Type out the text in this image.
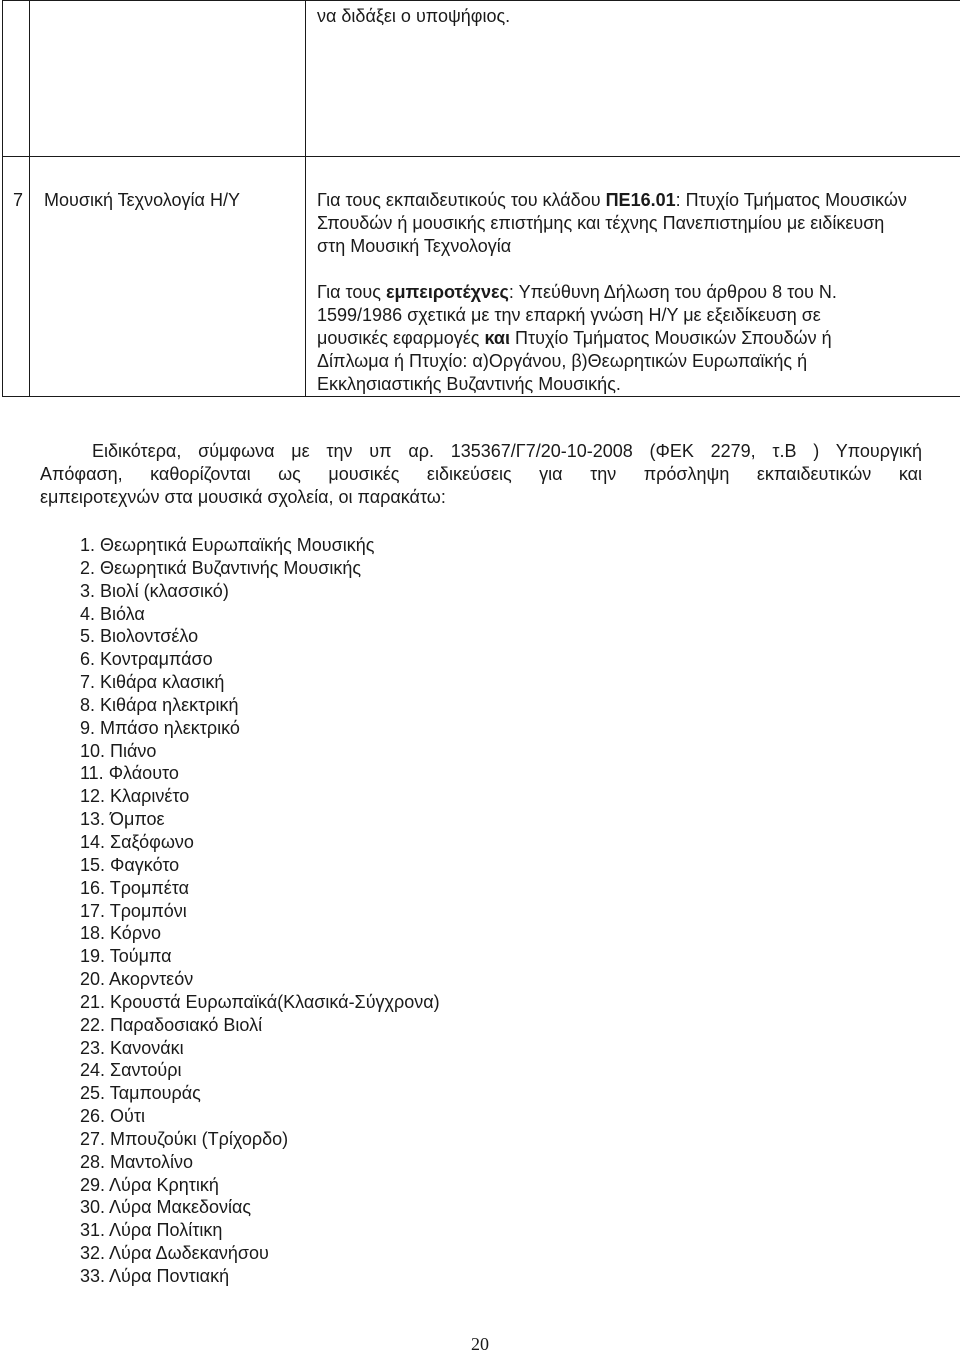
να διδάξει ο υποψήφιος.
7 Μουσική Τεχνολογία Η/Υ	Για τους εκπαιδευτικούς του κλάδου ΠΕ16.01: Πτυχίο Τμήματος Μουσικών
Σπουδών ή μουσικής επιστήμης και τέχνης Πανεπιστημίου με ειδίκευση
στη Μουσική Τεχνολογία
Για τους εμπειροτέχνες: Υπεύθυνη Δήλωση του άρθρου 8 του Ν.
1599/1986 σχετικά με την επαρκή γνώση Η/Υ με εξειδίκευση σε
μουσικές εφαρμογές και Πτυχίο Τμήματος Μουσικών Σπουδών ή
Δίπλωμα ή Πτυχίο: α)Οργάνου, β)Θεωρητικών Ευρωπαϊκής ή
Εκκλησιαστικής Βυζαντινής Μουσικής.
Ειδικότερα, σύμφωνα με την υπ αρ. 135367/Γ7/20-10-2008 (ΦΕΚ 2279, τ.Β ) Υπουργική
Απόφαση, καθορίζονται ως μουσικές ειδικεύσεις για την πρόσληψη εκπαιδευτικών και
εμπειροτεχνών στα μουσικά σχολεία, οι παρακάτω:
1. Θεωρητικά Ευρωπαϊκής Μουσικής
2. Θεωρητικά Βυζαντινής Μουσικής
3. Βιολί (κλασσικό)
4. Βιόλα
5. Βιολοντσέλο
6. Κοντραμπάσο
7. Κιθάρα κλασική
8. Κιθάρα ηλεκτρική
9. Μπάσο ηλεκτρικό
10. Πιάνο
11. Φλάουτο
12. Κλαρινέτο
13. Όμποε
14. Σαξόφωνο
15. Φαγκότο
16. Τρομπέτα
17. Τρομπόνι
18. Κόρνο
19. Τούμπα
20. Ακορντεόν
21. Κρουστά Ευρωπαϊκά(Κλασικά-Σύγχρονα)
22. Παραδοσιακό Βιολί
23. Κανονάκι
24. Σαντούρι
25. Ταμπουράς
26. Ούτι
27. Μπουζούκι (Τρίχορδο)
28. Μαντολίνο
29. Λύρα Κρητική
30. Λύρα Μακεδονίας
31. Λύρα Πολίτικη
32. Λύρα Δωδεκανήσου
33. Λύρα Ποντιακή
20
